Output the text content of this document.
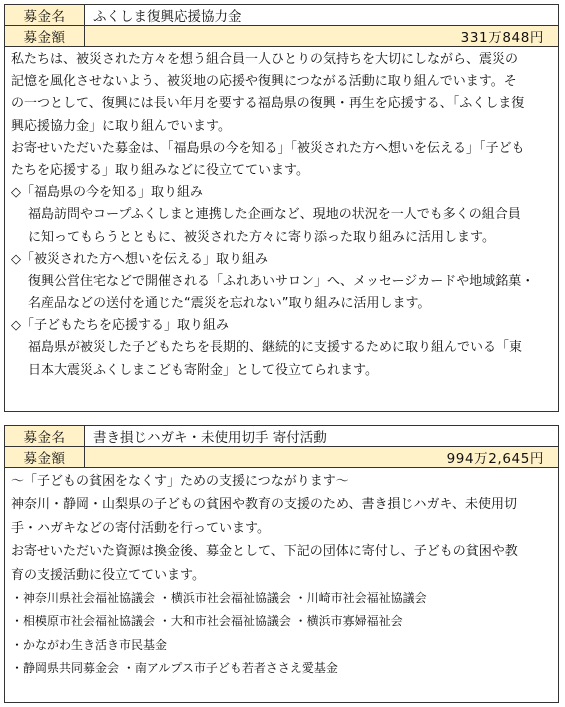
募金名	ふくしま復興応援協力金
募金額	331万848円
私たちは、被災された方々を想う組合員一人ひとりの気持ちを大切にしながら、震災の
記憶を風化させないよう、被災地の応援や復興につながる活動に取り組んでいます。そ
の一つとして、復興には長い年月を要する福島県の復興・再生を応援する、「ふくしま復
興応援協力金」に取り組んでいます。
お寄せいただいた募金は、「福島県の今を知る」「被災された方へ想いを伝える」「子ども
たちを応援する」取り組みなどに役立てています。
◇「福島県の今を知る」取り組み
福島訪問やコープふくしまと連携した企画など、現地の状況を一人でも多くの組合員
に知ってもらうとともに、被災された方々に寄り添った取り組みに活用します。
◇「被災された方へ想いを伝える」取り組み
復興公営住宅などで開催される「ふれあいサロン」へ、メッセージカードや地域銘菓・
名産品などの送付を通じた“震災を忘れない”取り組みに活用します。
◇「子どもたちを応援する」取り組み
福島県が被災した子どもたちを長期的、継続的に支援するために取り組んでいる「東
日本大震災ふくしまこども寄附金」として役立てられます。
募金名	書き損じハガキ・未使用切手 寄付活動
募金額	994万2,645円
～「子どもの貧困をなくす」ための支援につながります～
神奈川・静岡・山梨県の子どもの貧困や教育の支援のため、書き損じハガキ、未使用切
手・ハガキなどの寄付活動を行っています。
お寄せいただいた資源は換金後、募金として、下記の団体に寄付し、子どもの貧困や教
育の支援活動に役立てています。
・神奈川県社会福祉協議会 ・横浜市社会福祉協議会 ・川崎市社会福祉協議会
・相模原市社会福祉協議会 ・大和市社会福祉協議会 ・横浜市寡婦福祉会
・かながわ生き活き市民基金
・静岡県共同募金会 ・南アルプス市子ども若者ささえ愛基金
